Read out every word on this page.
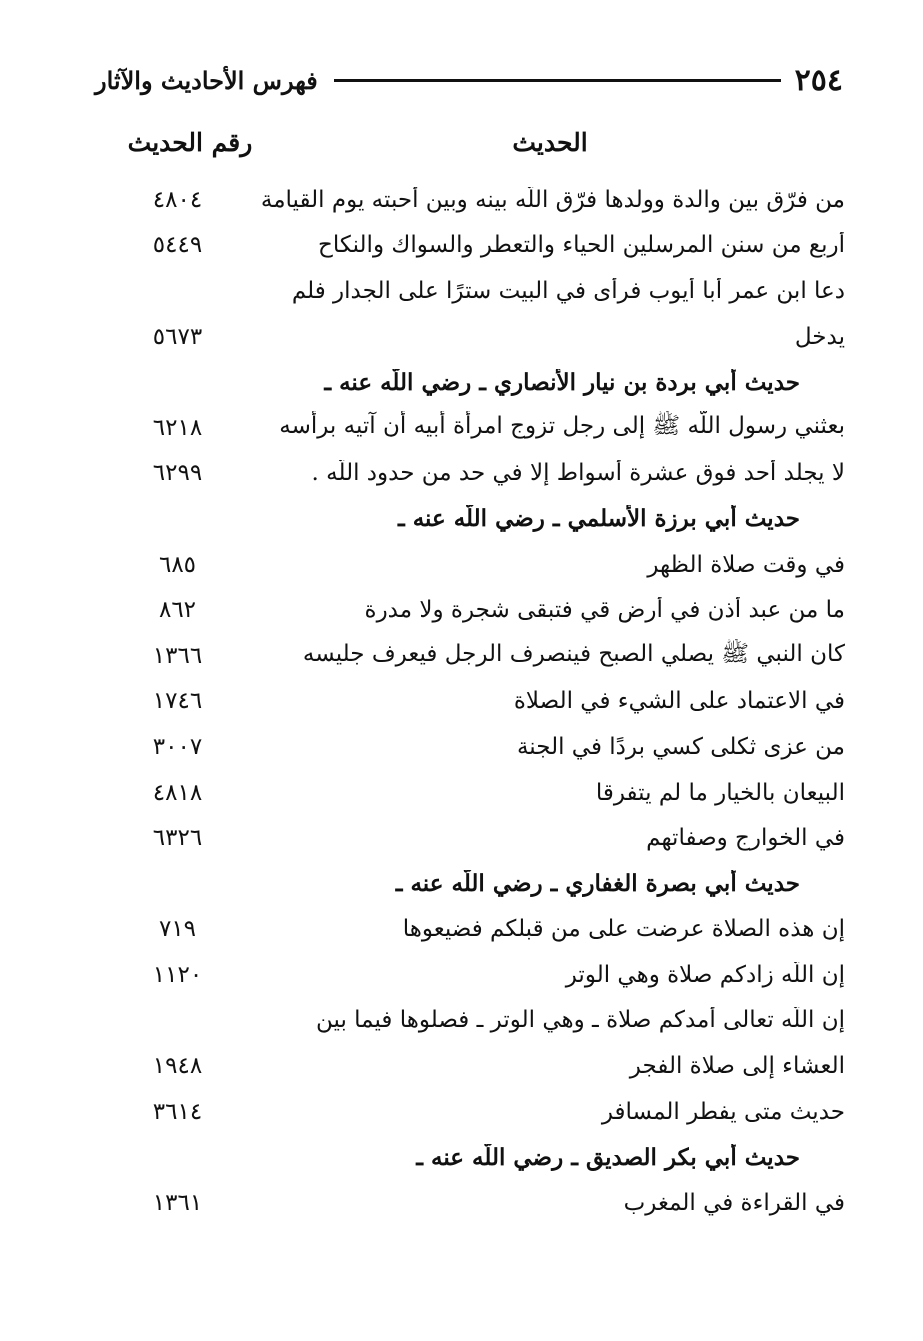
٢٥٤
فهرس الأحاديث والآثار
الحديث
رقم الحديث
من فرّق بين والدة وولدها فرّق اللّه بينه وبين أحبته يوم القيامة
٤٨٠٤
أربع من سنن المرسلين الحياء والتعطر والسواك والنكاح
٥٤٤٩
دعا ابن عمر أبا أيوب فرأى في البيت سترًا على الجدار فلم
يدخل
٥٦٧٣
حديث أبي بردة بن نيار الأنصاري ـ رضي اللّه عنه ـ
بعثني رسول اللّه ﷺ إلى رجل تزوج امرأة أبيه أن آتيه برأسه
٦٢١٨
لا يجلد أحد فوق عشرة أسواط إلا في حد من حدود اللّه .
٦٢٩٩
حديث أبي برزة الأسلمي ـ رضي اللّه عنه ـ
في وقت صلاة الظهر
٦٨٥
ما من عبد أذن في أرض قي فتبقى شجرة ولا مدرة
٨٦٢
كان النبي ﷺ يصلي الصبح فينصرف الرجل فيعرف جليسه
١٣٦٦
في الاعتماد على الشيء في الصلاة
١٧٤٦
من عزى ثكلى كسي بردًا في الجنة
٣٠٠٧
البيعان بالخيار ما لم يتفرقا
٤٨١٨
في الخوارج وصفاتهم
٦٣٢٦
حديث أبي بصرة الغفاري ـ رضي اللّه عنه ـ
إن هذه الصلاة عرضت على من قبلكم فضيعوها
٧١٩
إن اللّه زادكم صلاة وهي الوتر
١١٢٠
إن اللّه تعالى أمدكم صلاة ـ وهي الوتر ـ فصلوها فيما بين
العشاء إلى صلاة الفجر
١٩٤٨
حديث متى يفطر المسافر
٣٦١٤
حديث أبي بكر الصديق ـ رضي اللّه عنه ـ
في القراءة في المغرب
١٣٦١
